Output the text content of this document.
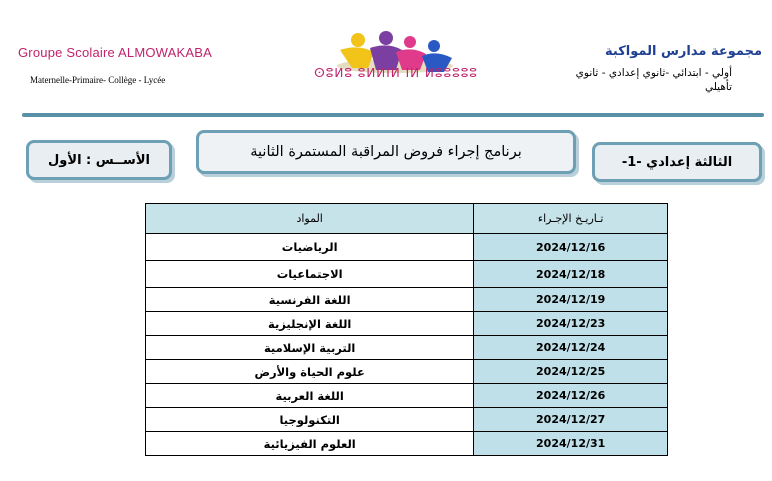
Groupe Scolaire ALMOWAKABA
Maternelle-Primaire- Collège - Lycée	ⵙⵓⵍⵓ ⵓⵍⵍⵏⵍ ⵏⵍ ⵍⵓⵓⵓⵓⵓ
مجموعة مدارس المواكبة
أولي - ابتدائي -ثانوي إعدادي - ثانوي تأهيلي
الأســس : الأول	برنامج إجراء فروض المراقبة المستمرة الثانية
الثالثة إعدادي -1-
تـاريـخ الإجـراء	المواد
2024/12/16	الرياضيات
2024/12/18	الاجتماعيات
2024/12/19	اللغة الفرنسية
2024/12/23	اللغة الإنجليزية
2024/12/24	التربية الإسلامية
2024/12/25	علوم الحياة والأرض
2024/12/26	اللغة العربية
2024/12/27	التكنولوجيا
2024/12/31	العلوم الفيزيائية
